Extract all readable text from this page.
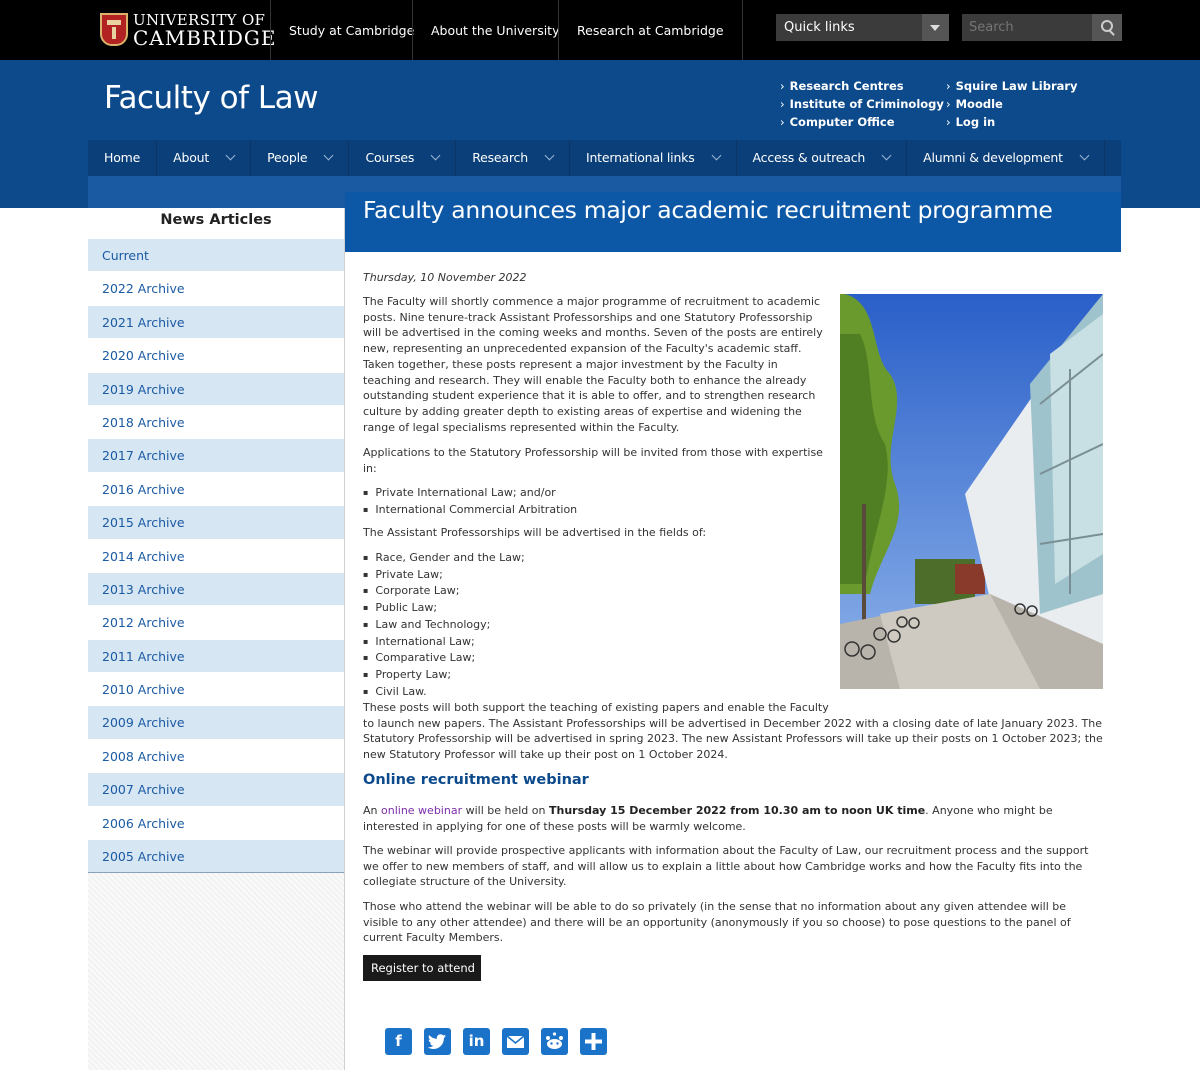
UNIVERSITY OF
CAMBRIDGE	Study at Cambridge	About the University	Research at Cambridge	Quick links
Search
Faculty of Law
›	Research Centres
› Institute of Criminology
› Computer Office
› Squire Law Library
› Moodle
› Log in
Home	About	People	Courses	Research	International links	Access & outreach	Alumni & development
News Articles
Current
2022 Archive
2021 Archive
2020 Archive
2019 Archive
2018 Archive
2017 Archive
2016 Archive
2015 Archive
2014 Archive
2013 Archive
2012 Archive
2011 Archive
2010 Archive
2009 Archive
2008 Archive
2007 Archive
2006 Archive
2005 Archive
Faculty announces major academic recruitment programme
Thursday, 10 November 2022
The Faculty will shortly commence a major programme of recruitment to academic posts. Nine tenure-track Assistant Professorships and one Statutory Professorship will be advertised in the coming weeks and months. Seven of the posts are entirely new, representing an unprecedented expansion of the Faculty's academic staff. Taken together, these posts represent a major investment by the Faculty in teaching and research. They will enable the Faculty both to enhance the already outstanding student experience that it is able to offer, and to strengthen research culture by adding greater depth to existing areas of expertise and widening the range of legal specialisms represented within the Faculty.
Applications to the Statutory Professorship will be invited from those with expertise in:
▪ Private International Law; and/or
▪ International Commercial Arbitration
The Assistant Professorships will be advertised in the fields of:
▪ Race, Gender and the Law;
▪ Private Law;
▪ Corporate Law;
▪ Public Law;
▪ Law and Technology;
▪ International Law;
▪ Comparative Law;
▪ Property Law;
▪ Civil Law.
These posts will both support the teaching of existing papers and enable the Faculty
to launch new papers. The Assistant Professorships will be advertised in December 2022 with a closing date of late January 2023. The Statutory Professorship will be advertised in spring 2023. The new Assistant Professors will take up their posts on 1 October 2023; the new Statutory Professor will take up their post on 1 October 2024.
Online recruitment webinar
An online webinar will be held on Thursday 15 December 2022 from 10.30 am to noon UK time. Anyone who might be interested in applying for one of these posts will be warmly welcome.
The webinar will provide prospective applicants with information about the Faculty of Law, our recruitment process and the support we offer to new members of staff, and will allow us to explain a little about how Cambridge works and how the Faculty fits into the collegiate structure of the University.
Those who attend the webinar will be able to do so privately (in the sense that no information about any given attendee will be visible to any other attendee) and there will be an opportunity (anonymously if you so choose) to pose questions to the panel of current Faculty Members.
Register to attend
f	in
